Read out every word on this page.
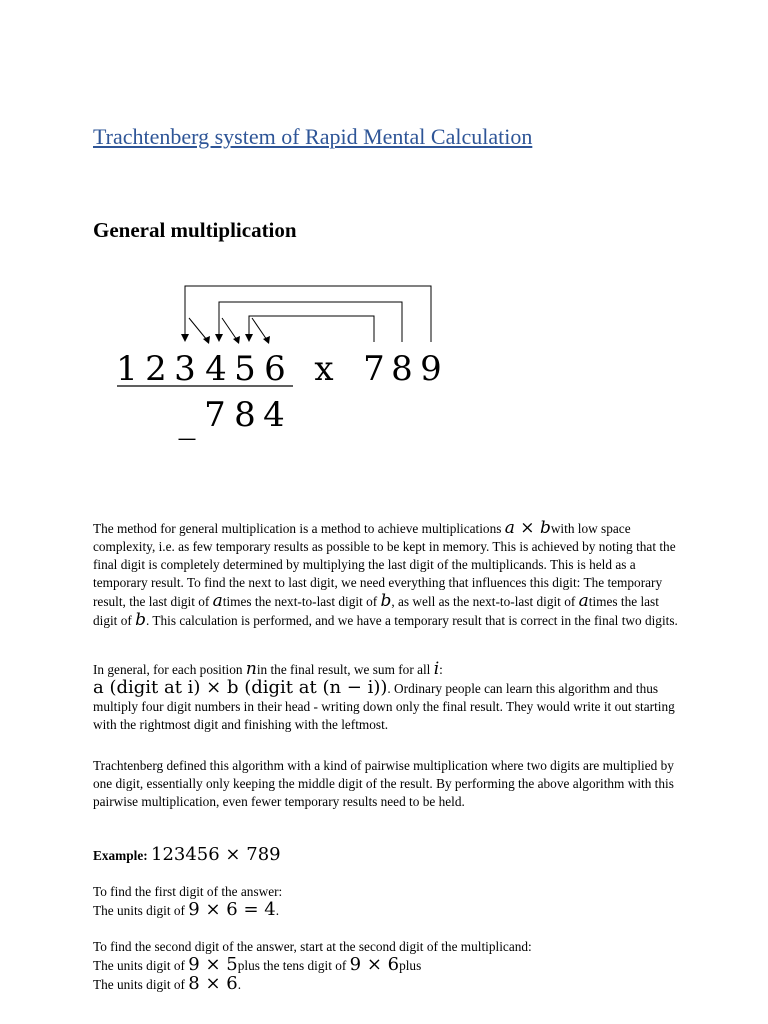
Trachtenberg system of Rapid Mental Calculation
General multiplication
1 2 3 4 5 6 x 7 8 9
_ 7 8 4

The method for general multiplication is a method to achieve multiplications a × bwith low space complexity, i.e. as few temporary results as possible to be kept in memory. This is achieved by noting that the final digit is completely determined by multiplying the last digit of the multiplicands. This is held as a temporary result. To find the next to last digit, we need everything that influences this digit: The temporary result, the last digit of atimes the next-to-last digit of b, as well as the next-to-last digit of atimes the last digit of b. This calculation is performed, and we have a temporary result that is correct in the final two digits.

In general, for each position nin the final result, we sum for all i:
a (digit at i) × b (digit at (n − i)). Ordinary people can learn this algorithm and thus multiply four digit numbers in their head - writing down only the final result. They would write it out starting with the rightmost digit and finishing with the leftmost.

Trachtenberg defined this algorithm with a kind of pairwise multiplication where two digits are multiplied by one digit, essentially only keeping the middle digit of the result. By performing the above algorithm with this pairwise multiplication, even fewer temporary results need to be held.

Example: 123456 × 789

To find the first digit of the answer:
The units digit of 9 × 6 = 4.

To find the second digit of the answer, start at the second digit of the multiplicand:
The units digit of 9 × 5plus the tens digit of 9 × 6plus
The units digit of 8 × 6.
